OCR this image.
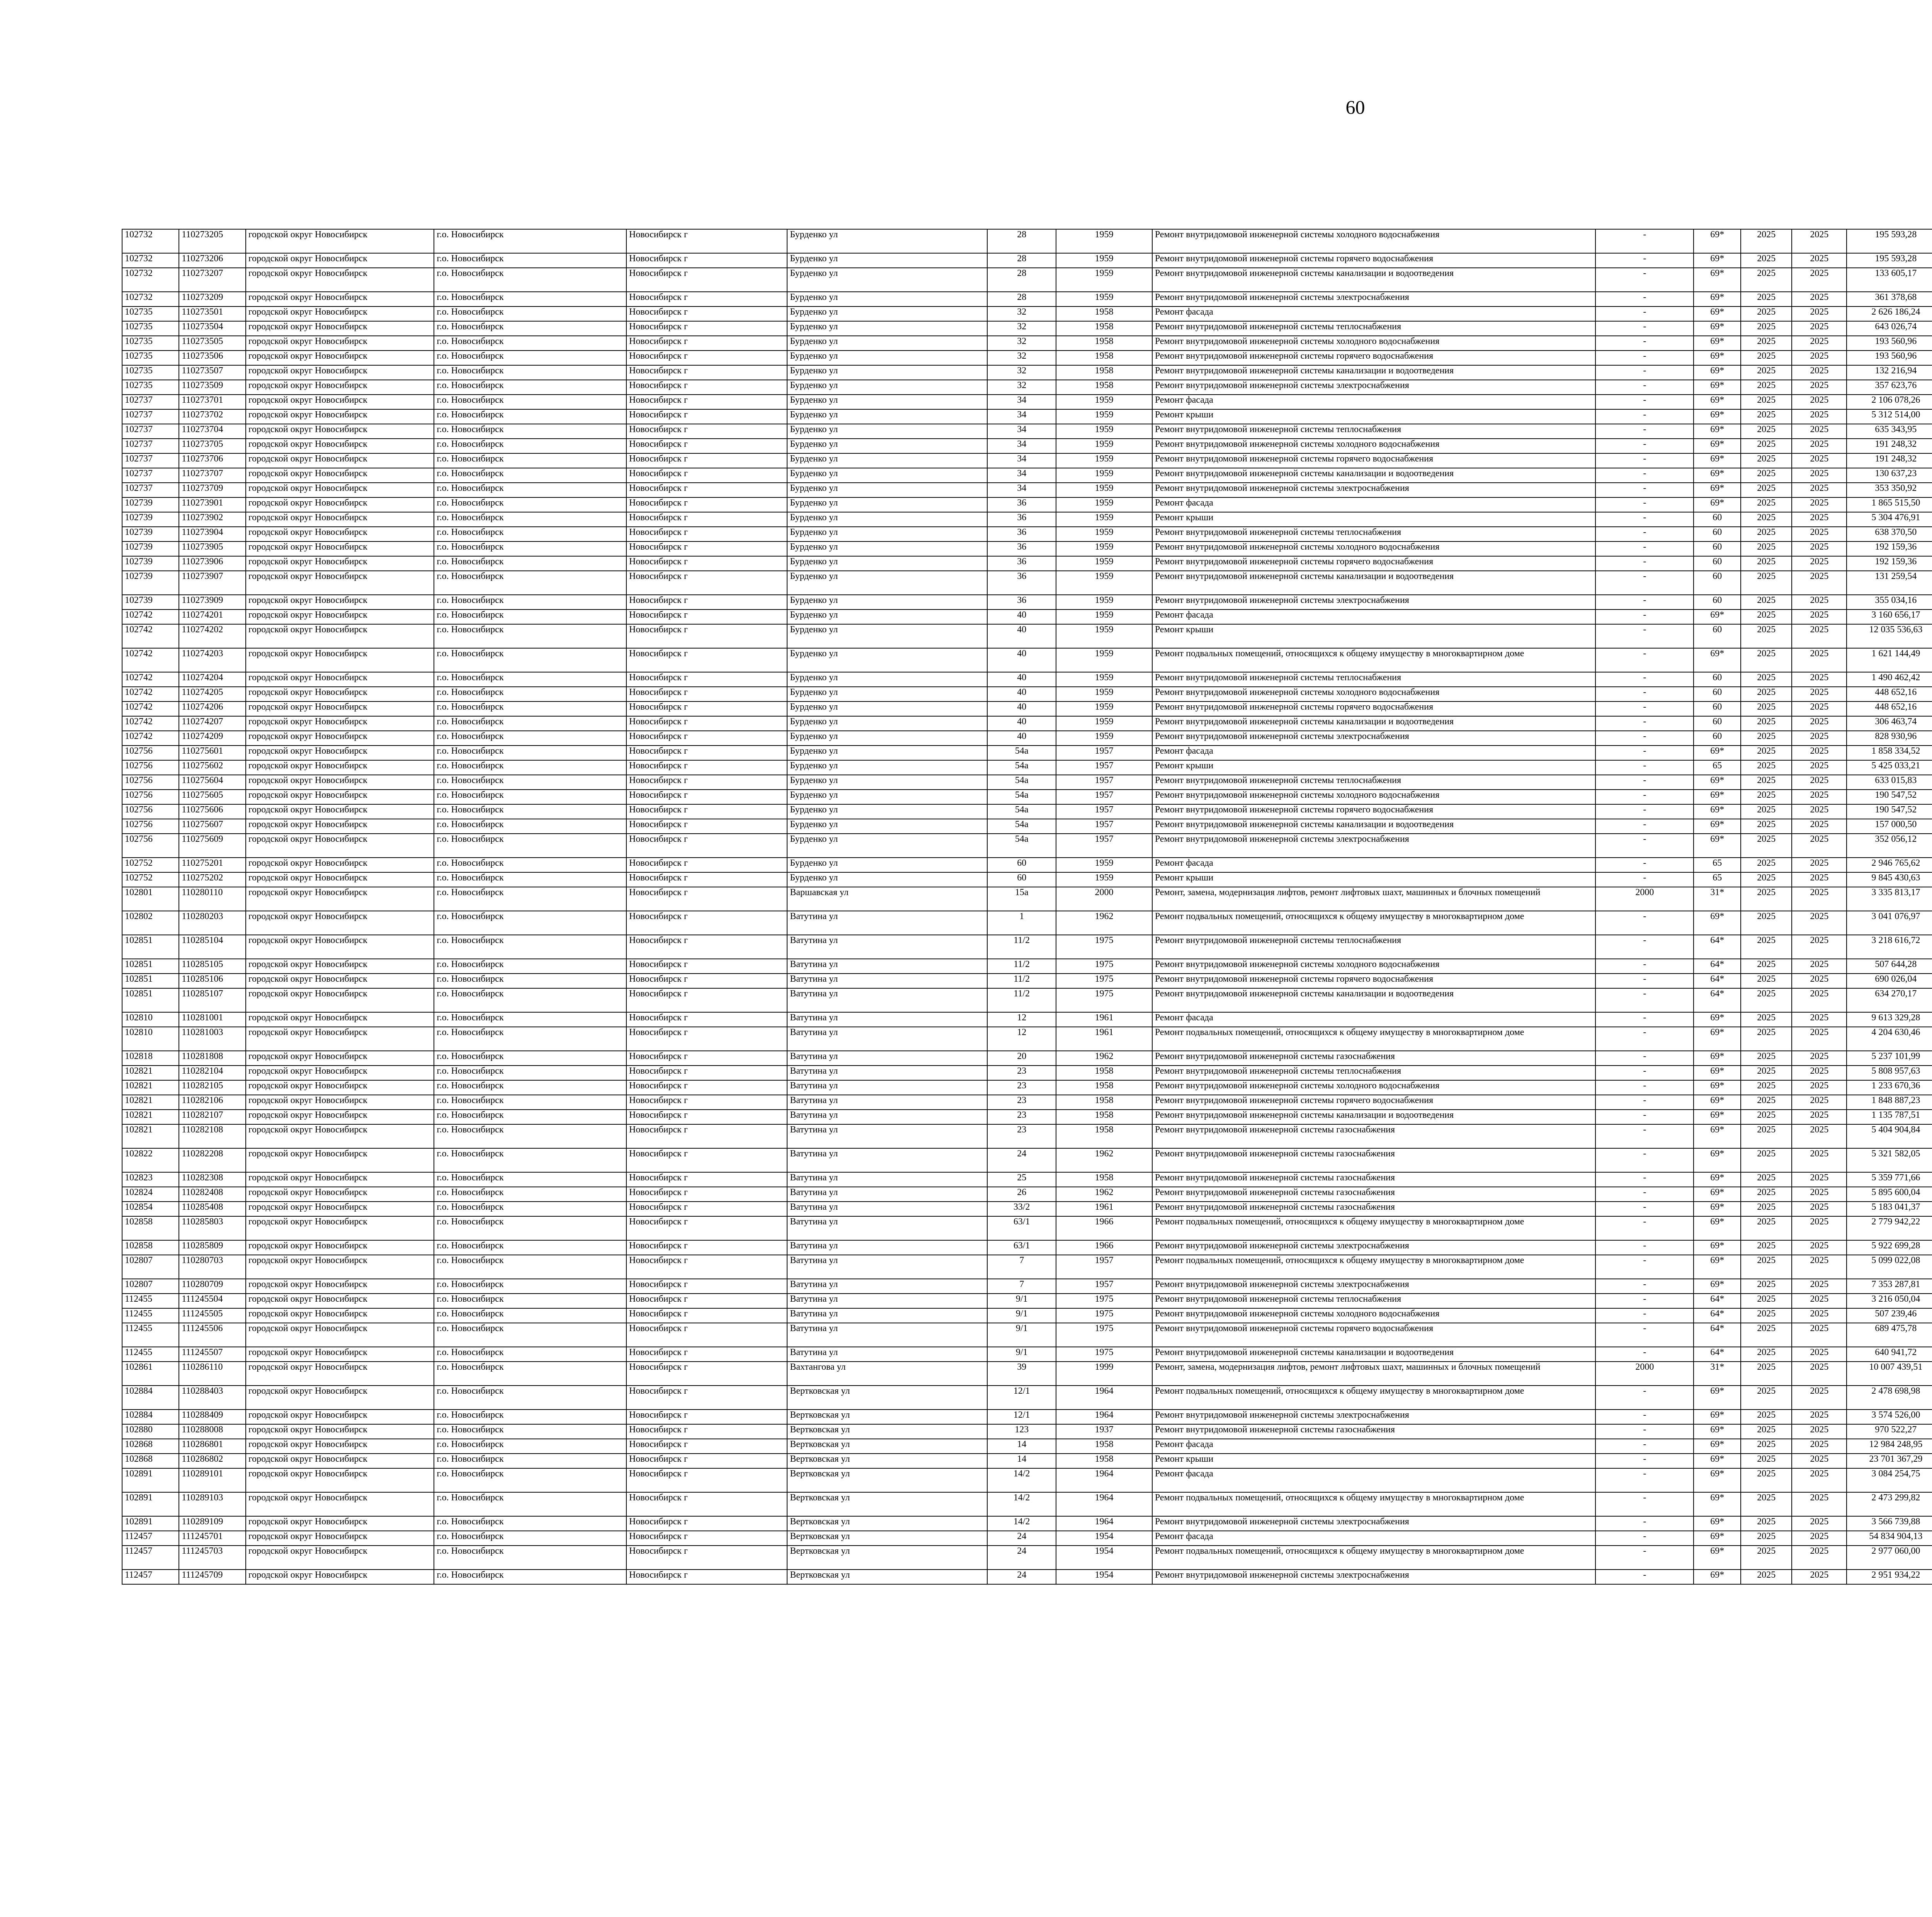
60
102732	110273205	городской округ Новосибирск	г.о. Новосибирск	Новосибирск г	Бурденко ул	28	1959	Ремонт внутридомовой инженерной системы холодного водоснабжения	-	69*	2025	2025	195 593,28						
102732	110273206	городской округ Новосибирск	г.о. Новосибирск	Новосибирск г	Бурденко ул	28	1959	Ремонт внутридомовой инженерной системы горячего водоснабжения	-	69*	2025	2025	195 593,28						
102732	110273207	городской округ Новосибирск	г.о. Новосибирск	Новосибирск г	Бурденко ул	28	1959	Ремонт внутридомовой инженерной системы канализации и водоотведения	-	69*	2025	2025	133 605,17						
102732	110273209	городской округ Новосибирск	г.о. Новосибирск	Новосибирск г	Бурденко ул	28	1959	Ремонт внутридомовой инженерной системы электроснабжения	-	69*	2025	2025	361 378,68						
102735	110273501	городской округ Новосибирск	г.о. Новосибирск	Новосибирск г	Бурденко ул	32	1958	Ремонт фасада	-	69*	2025	2025	2 626 186,24						
102735	110273504	городской округ Новосибирск	г.о. Новосибирск	Новосибирск г	Бурденко ул	32	1958	Ремонт внутридомовой инженерной системы теплоснабжения	-	69*	2025	2025	643 026,74						
102735	110273505	городской округ Новосибирск	г.о. Новосибирск	Новосибирск г	Бурденко ул	32	1958	Ремонт внутридомовой инженерной системы холодного водоснабжения	-	69*	2025	2025	193 560,96						
102735	110273506	городской округ Новосибирск	г.о. Новосибирск	Новосибирск г	Бурденко ул	32	1958	Ремонт внутридомовой инженерной системы горячего водоснабжения	-	69*	2025	2025	193 560,96						
102735	110273507	городской округ Новосибирск	г.о. Новосибирск	Новосибирск г	Бурденко ул	32	1958	Ремонт внутридомовой инженерной системы канализации и водоотведения	-	69*	2025	2025	132 216,94						
102735	110273509	городской округ Новосибирск	г.о. Новосибирск	Новосибирск г	Бурденко ул	32	1958	Ремонт внутридомовой инженерной системы электроснабжения	-	69*	2025	2025	357 623,76						
102737	110273701	городской округ Новосибирск	г.о. Новосибирск	Новосибирск г	Бурденко ул	34	1959	Ремонт фасада	-	69*	2025	2025	2 106 078,26						
102737	110273702	городской округ Новосибирск	г.о. Новосибирск	Новосибирск г	Бурденко ул	34	1959	Ремонт крыши	-	69*	2025	2025	5 312 514,00						
102737	110273704	городской округ Новосибирск	г.о. Новосибирск	Новосибирск г	Бурденко ул	34	1959	Ремонт внутридомовой инженерной системы теплоснабжения	-	69*	2025	2025	635 343,95						
102737	110273705	городской округ Новосибирск	г.о. Новосибирск	Новосибирск г	Бурденко ул	34	1959	Ремонт внутридомовой инженерной системы холодного водоснабжения	-	69*	2025	2025	191 248,32						
102737	110273706	городской округ Новосибирск	г.о. Новосибирск	Новосибирск г	Бурденко ул	34	1959	Ремонт внутридомовой инженерной системы горячего водоснабжения	-	69*	2025	2025	191 248,32						
102737	110273707	городской округ Новосибирск	г.о. Новосибирск	Новосибирск г	Бурденко ул	34	1959	Ремонт внутридомовой инженерной системы канализации и водоотведения	-	69*	2025	2025	130 637,23						
102737	110273709	городской округ Новосибирск	г.о. Новосибирск	Новосибирск г	Бурденко ул	34	1959	Ремонт внутридомовой инженерной системы электроснабжения	-	69*	2025	2025	353 350,92						
102739	110273901	городской округ Новосибирск	г.о. Новосибирск	Новосибирск г	Бурденко ул	36	1959	Ремонт фасада	-	69*	2025	2025	1 865 515,50						
102739	110273902	городской округ Новосибирск	г.о. Новосибирск	Новосибирск г	Бурденко ул	36	1959	Ремонт крыши	-	60	2025	2025	5 304 476,91						
102739	110273904	городской округ Новосибирск	г.о. Новосибирск	Новосибирск г	Бурденко ул	36	1959	Ремонт внутридомовой инженерной системы теплоснабжения	-	60	2025	2025	638 370,50						
102739	110273905	городской округ Новосибирск	г.о. Новосибирск	Новосибирск г	Бурденко ул	36	1959	Ремонт внутридомовой инженерной системы холодного водоснабжения	-	60	2025	2025	192 159,36						
102739	110273906	городской округ Новосибирск	г.о. Новосибирск	Новосибирск г	Бурденко ул	36	1959	Ремонт внутридомовой инженерной системы горячего водоснабжения	-	60	2025	2025	192 159,36						
102739	110273907	городской округ Новосибирск	г.о. Новосибирск	Новосибирск г	Бурденко ул	36	1959	Ремонт внутридомовой инженерной системы канализации и водоотведения	-	60	2025	2025	131 259,54						
102739	110273909	городской округ Новосибирск	г.о. Новосибирск	Новосибирск г	Бурденко ул	36	1959	Ремонт внутридомовой инженерной системы электроснабжения	-	60	2025	2025	355 034,16						
102742	110274201	городской округ Новосибирск	г.о. Новосибирск	Новосибирск г	Бурденко ул	40	1959	Ремонт фасада	-	69*	2025	2025	3 160 656,17						
102742	110274202	городской округ Новосибирск	г.о. Новосибирск	Новосибирск г	Бурденко ул	40	1959	Ремонт крыши	-	60	2025	2025	12 035 536,63						
102742	110274203	городской округ Новосибирск	г.о. Новосибирск	Новосибирск г	Бурденко ул	40	1959	Ремонт подвальных помещений, относящихся к общему имуществу в многоквартирном доме	-	69*	2025	2025	1 621 144,49						
102742	110274204	городской округ Новосибирск	г.о. Новосибирск	Новосибирск г	Бурденко ул	40	1959	Ремонт внутридомовой инженерной системы теплоснабжения	-	60	2025	2025	1 490 462,42						
102742	110274205	городской округ Новосибирск	г.о. Новосибирск	Новосибирск г	Бурденко ул	40	1959	Ремонт внутридомовой инженерной системы холодного водоснабжения	-	60	2025	2025	448 652,16						
102742	110274206	городской округ Новосибирск	г.о. Новосибирск	Новосибирск г	Бурденко ул	40	1959	Ремонт внутридомовой инженерной системы горячего водоснабжения	-	60	2025	2025	448 652,16						
102742	110274207	городской округ Новосибирск	г.о. Новосибирск	Новосибирск г	Бурденко ул	40	1959	Ремонт внутридомовой инженерной системы канализации и водоотведения	-	60	2025	2025	306 463,74						
102742	110274209	городской округ Новосибирск	г.о. Новосибирск	Новосибирск г	Бурденко ул	40	1959	Ремонт внутридомовой инженерной системы электроснабжения	-	60	2025	2025	828 930,96						
102756	110275601	городской округ Новосибирск	г.о. Новосибирск	Новосибирск г	Бурденко ул	54а	1957	Ремонт фасада	-	69*	2025	2025	1 858 334,52						
102756	110275602	городской округ Новосибирск	г.о. Новосибирск	Новосибирск г	Бурденко ул	54а	1957	Ремонт крыши	-	65	2025	2025	5 425 033,21						
102756	110275604	городской округ Новосибирск	г.о. Новосибирск	Новосибирск г	Бурденко ул	54а	1957	Ремонт внутридомовой инженерной системы теплоснабжения	-	69*	2025	2025	633 015,83						
102756	110275605	городской округ Новосибирск	г.о. Новосибирск	Новосибирск г	Бурденко ул	54а	1957	Ремонт внутридомовой инженерной системы холодного водоснабжения	-	69*	2025	2025	190 547,52						
102756	110275606	городской округ Новосибирск	г.о. Новосибирск	Новосибирск г	Бурденко ул	54а	1957	Ремонт внутридомовой инженерной системы горячего водоснабжения	-	69*	2025	2025	190 547,52						
102756	110275607	городской округ Новосибирск	г.о. Новосибирск	Новосибирск г	Бурденко ул	54а	1957	Ремонт внутридомовой инженерной системы канализации и водоотведения	-	69*	2025	2025	157 000,50						
102756	110275609	городской округ Новосибирск	г.о. Новосибирск	Новосибирск г	Бурденко ул	54а	1957	Ремонт внутридомовой инженерной системы электроснабжения	-	69*	2025	2025	352 056,12						
102752	110275201	городской округ Новосибирск	г.о. Новосибирск	Новосибирск г	Бурденко ул	60	1959	Ремонт фасада	-	65	2025	2025	2 946 765,62						
102752	110275202	городской округ Новосибирск	г.о. Новосибирск	Новосибирск г	Бурденко ул	60	1959	Ремонт крыши	-	65	2025	2025	9 845 430,63						
102801	110280110	городской округ Новосибирск	г.о. Новосибирск	Новосибирск г	Варшавская ул	15а	2000	Ремонт, замена, модернизация лифтов, ремонт лифтовых шахт, машинных и блочных помещений	2000	31*	2025	2025	3 335 813,17						
102802	110280203	городской округ Новосибирск	г.о. Новосибирск	Новосибирск г	Ватутина ул	1	1962	Ремонт подвальных помещений, относящихся к общему имуществу в многоквартирном доме	-	69*	2025	2025	3 041 076,97						
102851	110285104	городской округ Новосибирск	г.о. Новосибирск	Новосибирск г	Ватутина ул	11/2	1975	Ремонт внутридомовой инженерной системы теплоснабжения	-	64*	2025	2025	3 218 616,72						
102851	110285105	городской округ Новосибирск	г.о. Новосибирск	Новосибирск г	Ватутина ул	11/2	1975	Ремонт внутридомовой инженерной системы холодного водоснабжения	-	64*	2025	2025	507 644,28						
102851	110285106	городской округ Новосибирск	г.о. Новосибирск	Новосибирск г	Ватутина ул	11/2	1975	Ремонт внутридомовой инженерной системы горячего водоснабжения	-	64*	2025	2025	690 026,04						
102851	110285107	городской округ Новосибирск	г.о. Новосибирск	Новосибирск г	Ватутина ул	11/2	1975	Ремонт внутридомовой инженерной системы канализации и водоотведения	-	64*	2025	2025	634 270,17						
102810	110281001	городской округ Новосибирск	г.о. Новосибирск	Новосибирск г	Ватутина ул	12	1961	Ремонт фасада	-	69*	2025	2025	9 613 329,28						
102810	110281003	городской округ Новосибирск	г.о. Новосибирск	Новосибирск г	Ватутина ул	12	1961	Ремонт подвальных помещений, относящихся к общему имуществу в многоквартирном доме	-	69*	2025	2025	4 204 630,46						
102818	110281808	городской округ Новосибирск	г.о. Новосибирск	Новосибирск г	Ватутина ул	20	1962	Ремонт внутридомовой инженерной системы газоснабжения	-	69*	2025	2025	5 237 101,99						
102821	110282104	городской округ Новосибирск	г.о. Новосибирск	Новосибирск г	Ватутина ул	23	1958	Ремонт внутридомовой инженерной системы теплоснабжения	-	69*	2025	2025	5 808 957,63						
102821	110282105	городской округ Новосибирск	г.о. Новосибирск	Новосибирск г	Ватутина ул	23	1958	Ремонт внутридомовой инженерной системы холодного водоснабжения	-	69*	2025	2025	1 233 670,36						
102821	110282106	городской округ Новосибирск	г.о. Новосибирск	Новосибирск г	Ватутина ул	23	1958	Ремонт внутридомовой инженерной системы горячего водоснабжения	-	69*	2025	2025	1 848 887,23						
102821	110282107	городской округ Новосибирск	г.о. Новосибирск	Новосибирск г	Ватутина ул	23	1958	Ремонт внутридомовой инженерной системы канализации и водоотведения	-	69*	2025	2025	1 135 787,51						
102821	110282108	городской округ Новосибирск	г.о. Новосибирск	Новосибирск г	Ватутина ул	23	1958	Ремонт внутридомовой инженерной системы газоснабжения	-	69*	2025	2025	5 404 904,84						
102822	110282208	городской округ Новосибирск	г.о. Новосибирск	Новосибирск г	Ватутина ул	24	1962	Ремонт внутридомовой инженерной системы газоснабжения	-	69*	2025	2025	5 321 582,05						
102823	110282308	городской округ Новосибирск	г.о. Новосибирск	Новосибирск г	Ватутина ул	25	1958	Ремонт внутридомовой инженерной системы газоснабжения	-	69*	2025	2025	5 359 771,66						
102824	110282408	городской округ Новосибирск	г.о. Новосибирск	Новосибирск г	Ватутина ул	26	1962	Ремонт внутридомовой инженерной системы газоснабжения	-	69*	2025	2025	5 895 600,04						
102854	110285408	городской округ Новосибирск	г.о. Новосибирск	Новосибирск г	Ватутина ул	33/2	1961	Ремонт внутридомовой инженерной системы газоснабжения	-	69*	2025	2025	5 183 041,37						
102858	110285803	городской округ Новосибирск	г.о. Новосибирск	Новосибирск г	Ватутина ул	63/1	1966	Ремонт подвальных помещений, относящихся к общему имуществу в многоквартирном доме	-	69*	2025	2025	2 779 942,22						
102858	110285809	городской округ Новосибирск	г.о. Новосибирск	Новосибирск г	Ватутина ул	63/1	1966	Ремонт внутридомовой инженерной системы электроснабжения	-	69*	2025	2025	5 922 699,28						
102807	110280703	городской округ Новосибирск	г.о. Новосибирск	Новосибирск г	Ватутина ул	7	1957	Ремонт подвальных помещений, относящихся к общему имуществу в многоквартирном доме	-	69*	2025	2025	5 099 022,08						
102807	110280709	городской округ Новосибирск	г.о. Новосибирск	Новосибирск г	Ватутина ул	7	1957	Ремонт внутридомовой инженерной системы электроснабжения	-	69*	2025	2025	7 353 287,81						
112455	111245504	городской округ Новосибирск	г.о. Новосибирск	Новосибирск г	Ватутина ул	9/1	1975	Ремонт внутридомовой инженерной системы теплоснабжения	-	64*	2025	2025	3 216 050,04						
112455	111245505	городской округ Новосибирск	г.о. Новосибирск	Новосибирск г	Ватутина ул	9/1	1975	Ремонт внутридомовой инженерной системы холодного водоснабжения	-	64*	2025	2025	507 239,46						
112455	111245506	городской округ Новосибирск	г.о. Новосибирск	Новосибирск г	Ватутина ул	9/1	1975	Ремонт внутридомовой инженерной системы горячего водоснабжения	-	64*	2025	2025	689 475,78						
112455	111245507	городской округ Новосибирск	г.о. Новосибирск	Новосибирск г	Ватутина ул	9/1	1975	Ремонт внутридомовой инженерной системы канализации и водоотведения	-	64*	2025	2025	640 941,72						
102861	110286110	городской округ Новосибирск	г.о. Новосибирск	Новосибирск г	Вахтангова ул	39	1999	Ремонт, замена, модернизация лифтов, ремонт лифтовых шахт, машинных и блочных помещений	2000	31*	2025	2025	10 007 439,51						
102884	110288403	городской округ Новосибирск	г.о. Новосибирск	Новосибирск г	Вертковская ул	12/1	1964	Ремонт подвальных помещений, относящихся к общему имуществу в многоквартирном доме	-	69*	2025	2025	2 478 698,98						
102884	110288409	городской округ Новосибирск	г.о. Новосибирск	Новосибирск г	Вертковская ул	12/1	1964	Ремонт внутридомовой инженерной системы электроснабжения	-	69*	2025	2025	3 574 526,00						
102880	110288008	городской округ Новосибирск	г.о. Новосибирск	Новосибирск г	Вертковская ул	123	1937	Ремонт внутридомовой инженерной системы газоснабжения	-	69*	2025	2025	970 522,27						
102868	110286801	городской округ Новосибирск	г.о. Новосибирск	Новосибирск г	Вертковская ул	14	1958	Ремонт фасада	-	69*	2025	2025	12 984 248,95						
102868	110286802	городской округ Новосибирск	г.о. Новосибирск	Новосибирск г	Вертковская ул	14	1958	Ремонт крыши	-	69*	2025	2025	23 701 367,29						
102891	110289101	городской округ Новосибирск	г.о. Новосибирск	Новосибирск г	Вертковская ул	14/2	1964	Ремонт фасада	-	69*	2025	2025	3 084 254,75						
102891	110289103	городской округ Новосибирск	г.о. Новосибирск	Новосибирск г	Вертковская ул	14/2	1964	Ремонт подвальных помещений, относящихся к общему имуществу в многоквартирном доме	-	69*	2025	2025	2 473 299,82						
102891	110289109	городской округ Новосибирск	г.о. Новосибирск	Новосибирск г	Вертковская ул	14/2	1964	Ремонт внутридомовой инженерной системы электроснабжения	-	69*	2025	2025	3 566 739,88						
112457	111245701	городской округ Новосибирск	г.о. Новосибирск	Новосибирск г	Вертковская ул	24	1954	Ремонт фасада	-	69*	2025	2025	54 834 904,13						
112457	111245703	городской округ Новосибирск	г.о. Новосибирск	Новосибирск г	Вертковская ул	24	1954	Ремонт подвальных помещений, относящихся к общему имуществу в многоквартирном доме	-	69*	2025	2025	2 977 060,00						
112457	111245709	городской округ Новосибирск	г.о. Новосибирск	Новосибирск г	Вертковская ул	24	1954	Ремонт внутридомовой инженерной системы электроснабжения	-	69*	2025	2025	2 951 934,22						
